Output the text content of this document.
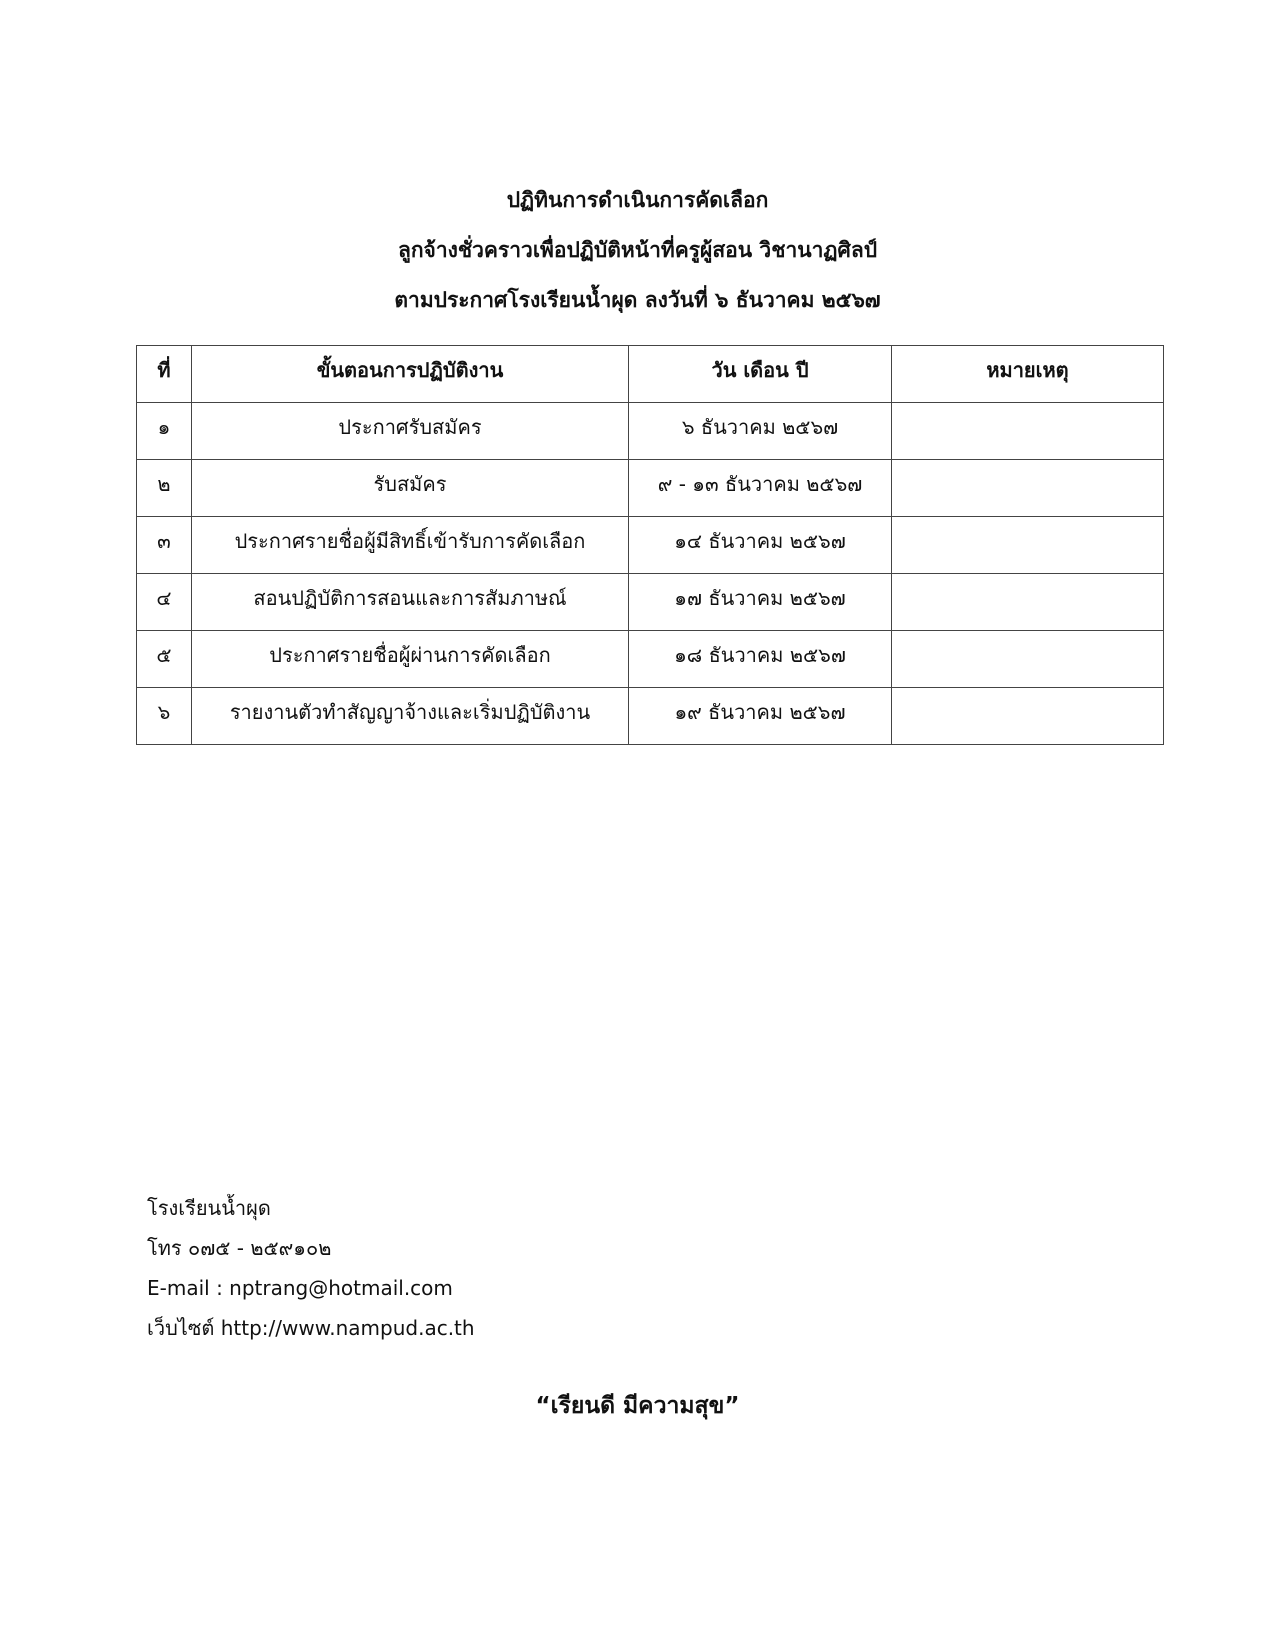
ปฏิทินการดำเนินการคัดเลือก
ลูกจ้างชั่วคราวเพื่อปฏิบัติหน้าที่ครูผู้สอน วิชานาฏศิลป์
ตามประกาศโรงเรียนน้ำผุด ลงวันที่ ๖ ธันวาคม ๒๕๖๗
ที่	ขั้นตอนการปฏิบัติงาน	วัน เดือน ปี	หมายเหตุ
๑	ประกาศรับสมัคร	๖ ธันวาคม ๒๕๖๗	
๒	รับสมัคร	๙ - ๑๓ ธันวาคม ๒๕๖๗	
๓	ประกาศรายชื่อผู้มีสิทธิ์เข้ารับการคัดเลือก	๑๔ ธันวาคม ๒๕๖๗	
๔	สอนปฏิบัติการสอนและการสัมภาษณ์	๑๗ ธันวาคม ๒๕๖๗	
๕	ประกาศรายชื่อผู้ผ่านการคัดเลือก	๑๘ ธันวาคม ๒๕๖๗	
๖	รายงานตัวทำสัญญาจ้างและเริ่มปฏิบัติงาน	๑๙ ธันวาคม ๒๕๖๗	
โรงเรียนน้ำผุด
โทร ๐๗๕ - ๒๕๙๑๐๒
E-mail : nptrang@hotmail.com
เว็บไซต์ http://www.nampud.ac.th
“เรียนดี มีความสุข”
